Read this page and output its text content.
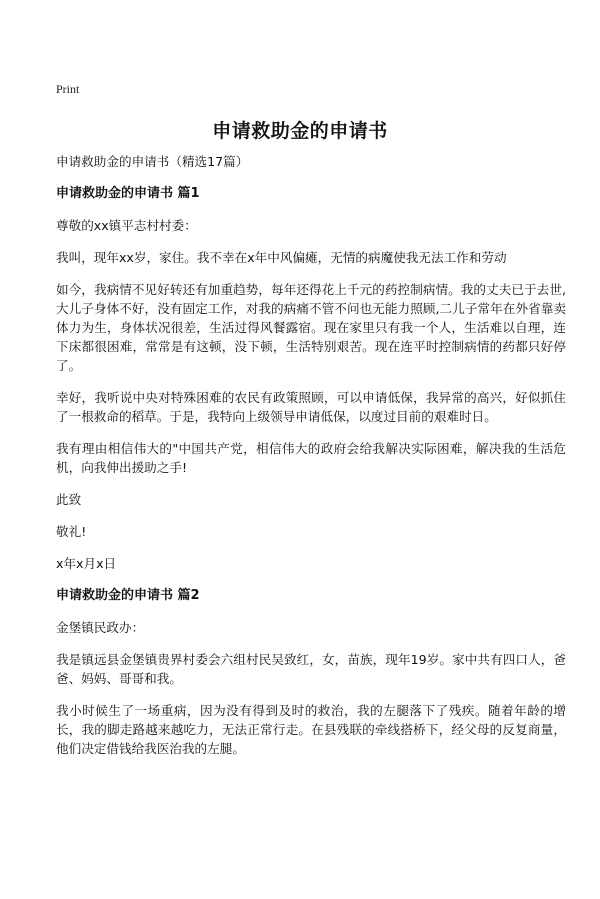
Print
申请救助金的申请书

申请救助金的申请书（精选17篇）

申请救助金的申请书 篇1

尊敬的xx镇平志村村委：

我叫，现年xx岁，家住。我不幸在x年中风偏瘫，无情的病魔使我无法工作和劳动

如今，我病情不见好转还有加重趋势，每年还得花上千元的药控制病情。我的丈夫已于去世,大儿子身体不好，没有固定工作，对我的病痛不管不问也无能力照顾,二儿子常年在外省靠卖体力为生，身体状况很差，生活过得风餐露宿。现在家里只有我一个人，生活难以自理，连下床都很困难，常常是有这顿，没下顿，生活特别艰苦。现在连平时控制病情的药都只好停了。

幸好，我听说中央对特殊困难的农民有政策照顾，可以申请低保，我异常的高兴，好似抓住了一根救命的稻草。于是，我特向上级领导申请低保，以度过目前的艰难时日。

我有理由相信伟大的"中国共产党，相信伟大的政府会给我解决实际困难，解决我的生活危机，向我伸出援助之手!

此致

敬礼!

x年x月x日

申请救助金的申请书 篇2

金堡镇民政办：

我是镇远县金堡镇贵界村委会六组村民吴致红，女，苗族，现年19岁。家中共有四口人，爸爸、妈妈、哥哥和我。

我小时候生了一场重病，因为没有得到及时的救治，我的左腿落下了残疾。随着年龄的增长，我的脚走路越来越吃力，无法正常行走。在县残联的牵线搭桥下，经父母的反复商量，他们决定借钱给我医治我的左腿。
